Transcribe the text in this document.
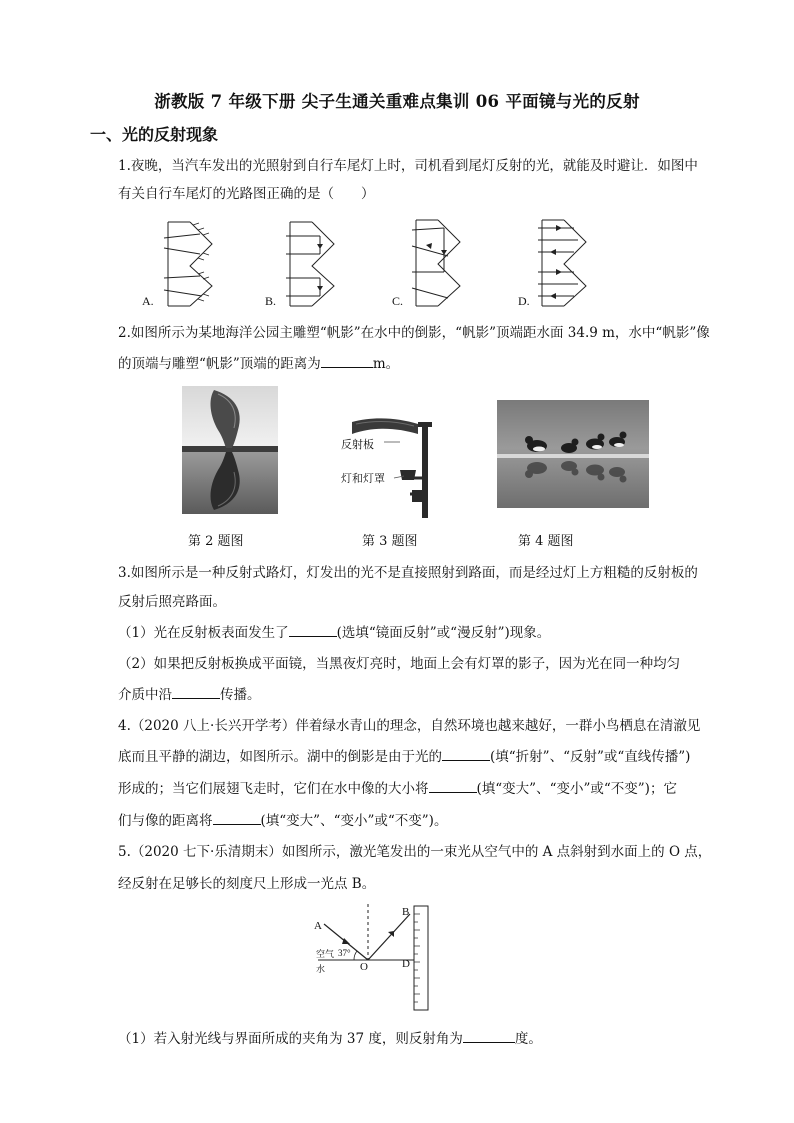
浙教版 7 年级下册 尖子生通关重难点集训 06 平面镜与光的反射
一、光的反射现象
1.夜晚，当汽车发出的光照射到自行车尾灯上时，司机看到尾灯反射的光，就能及时避让．如图中
有关自行车尾灯的光路图正确的是（　　）
A.	B.	C.	D.
2.如图所示为某地海洋公园主雕塑“帆影”在水中的倒影，“帆影”顶端距水面 34.9 m，水中“帆影”像
的顶端与雕塑“帆影”顶端的距离为	m。
反射板
灯和灯罩
第 2 题图	第 3 题图	第 4 题图
3.如图所示是一种反射式路灯，灯发出的光不是直接照射到路面，而是经过灯上方粗糙的反射板的
反射后照亮路面。
（1）光在反射板表面发生了	(选填“镜面反射”或“漫反射”)现象。
（2）如果把反射板换成平面镜，当黑夜灯亮时，地面上会有灯罩的影子，因为光在同一种均匀
介质中沿	传播。
4.（2020 八上·长兴开学考）伴着绿水青山的理念，自然环境也越来越好，一群小鸟栖息在清澈见
底而且平静的湖边，如图所示。湖中的倒影是由于光的	(填“折射”、“反射”或“直线传播”)
形成的；当它们展翅飞走时，它们在水中像的大小将	(填“变大”、“变小”或“不变”)；它
们与像的距离将	(填“变大”、“变小”或“不变”)。
5.（2020 七下·乐清期末）如图所示，激光笔发出的一束光从空气中的 A 点斜射到水面上的 O 点，
经反射在足够长的刻度尺上形成一光点 B。
A
B
O	D
空气
水
37°
（1）若入射光线与界面所成的夹角为 37 度，则反射角为	度。
